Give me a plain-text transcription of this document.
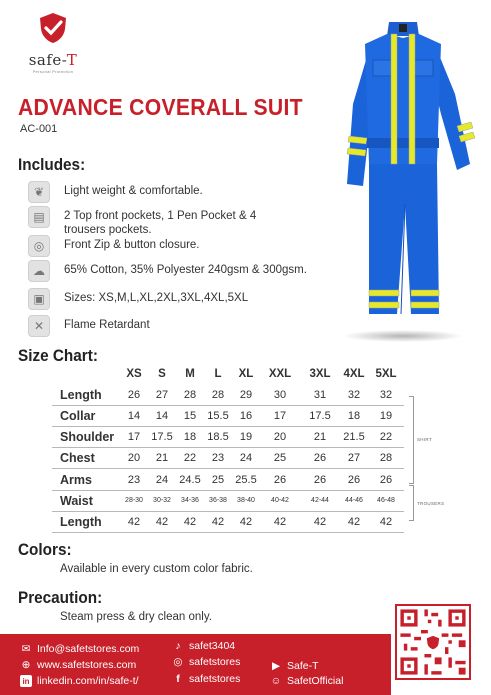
safe-T
Personal Protection
ADVANCE COVERALL SUIT
AC-001
Includes:
❦	Light weight & comfortable.
▤	2 Top front pockets, 1 Pen Pocket & 4 trousers pockets.
◎	Front Zip & button closure.
☁	65% Cotton, 35% Polyester 240gsm & 300gsm.
▣	Sizes: XS,M,L,XL,2XL,3XL,4XL,5XL
✕	Flame Retardant
Size Chart:
	XS	S	M	L	XL	XXL	3XL	4XL	5XL
Length	26	27	28	28	29	30	31	32	32
Collar	14	14	15	15.5	16	17	17.5	18	19
Shoulder	17	17.5	18	18.5	19	20	21	21.5	22
Chest	20	21	22	23	24	25	26	27	28
Arms	23	24	24.5	25	25.5	26	26	26	26
Waist	28-30	30-32	34-36	36-38	38-40	40-42	42-44	44-46	46-48
Length	42	42	42	42	42	42	42	42	42
SHIRT
TROUSERS
Colors:
Available in every custom color fabric.
Precaution:
Steam press & dry clean only.
✉ Info@safetstores.com
⊕ www.safetstores.com
in linkedin.com/in/safe-t/
♪ safet3404
◎ safetstores
f safetstores
▶ Safe-T
☺ SafetOfficial
